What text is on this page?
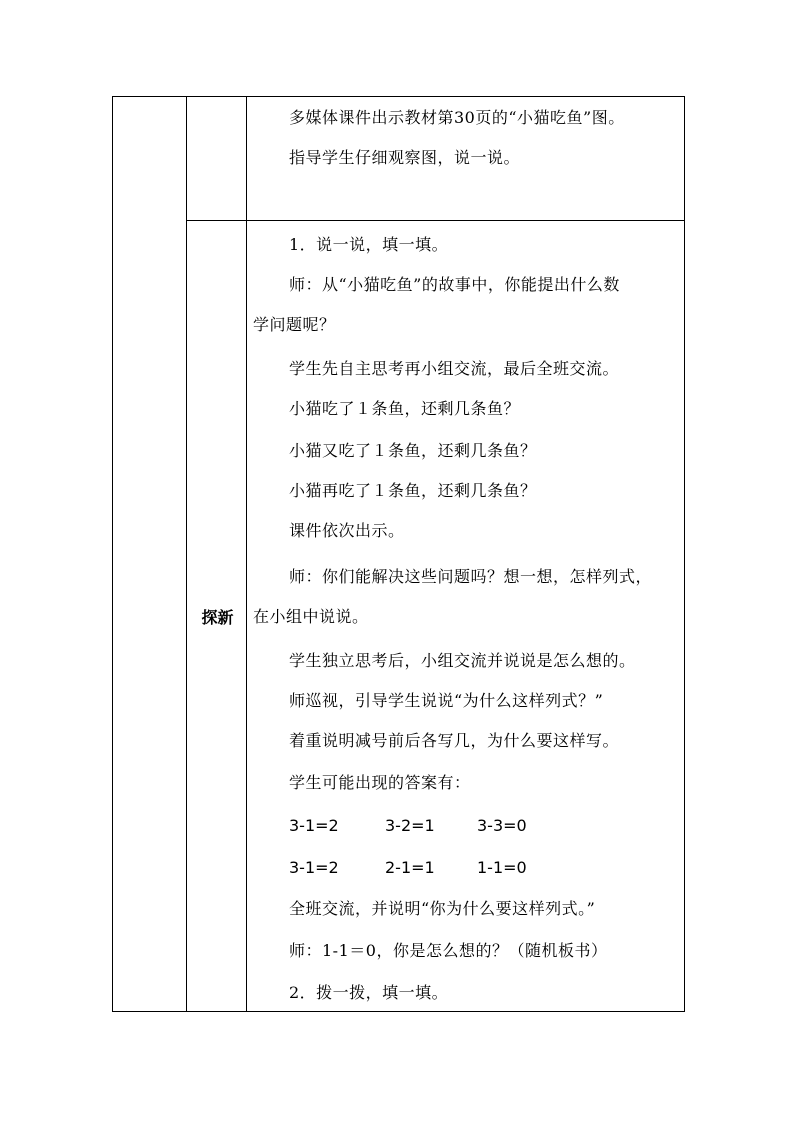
多媒体课件出示教材第30页的“小猫吃鱼”图。
指导学生仔细观察图，说一说。
探新
1．说一说，填一填。
师：从“小猫吃鱼”的故事中，你能提出什么数
学问题呢？
学生先自主思考再小组交流，最后全班交流。
小猫吃了１条鱼，还剩几条鱼？
小猫又吃了１条鱼，还剩几条鱼？
小猫再吃了１条鱼，还剩几条鱼？
课件依次出示。
师：你们能解决这些问题吗？想一想，怎样列式，
在小组中说说。
学生独立思考后，小组交流并说说是怎么想的。
师巡视，引导学生说说“为什么这样列式？”
着重说明减号前后各写几，为什么要这样写。
学生可能出现的答案有：
3-1=2	3-2=1	3-3=0
3-1=2	2-1=1	1-1=0
全班交流，并说明“你为什么要这样列式。”
师：1-1＝0，你是怎么想的？（随机板书）
2．拨一拨，填一填。
